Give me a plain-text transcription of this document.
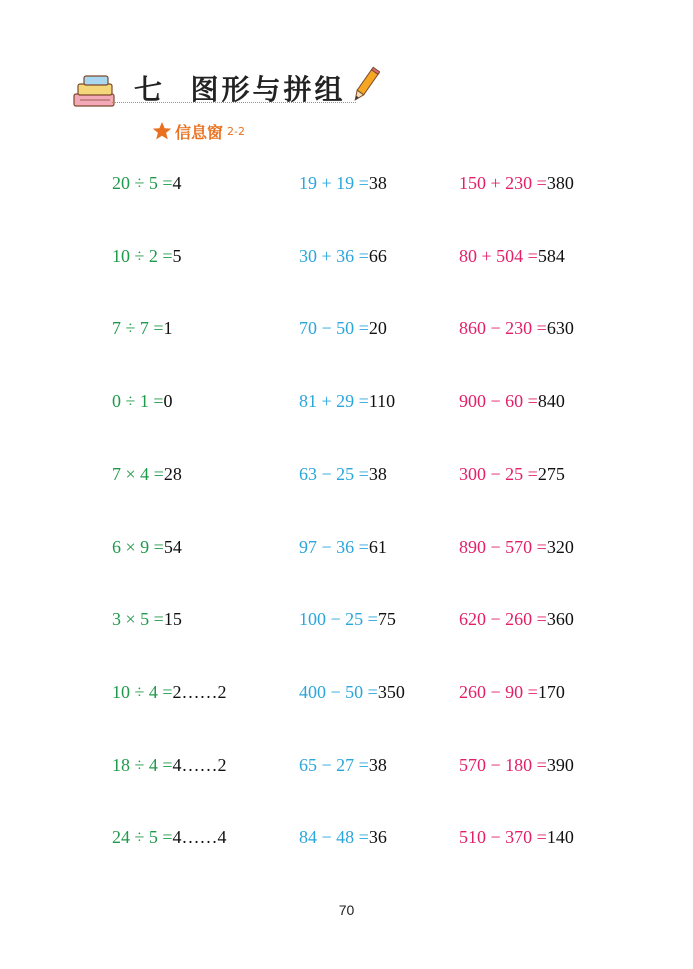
七  图形与拼组
信息窗 2-2
20 ÷ 5 =4
10 ÷ 2 =5
7 ÷ 7 =1
0 ÷ 1 =0
7 × 4 =28
6 × 9 =54
3 × 5 =15
10 ÷ 4 =2……2
18 ÷ 4 =4……2
24 ÷ 5 =4……4
19 + 19 =38
30 + 36 =66
70 − 50 =20
81 + 29 =110
63 − 25 =38
97 − 36 =61
100 − 25 =75
400 − 50 =350
65 − 27 =38
84 − 48 =36
150 + 230 =380
80 + 504 =584
860 − 230 =630
900 − 60 =840
300 − 25 =275
890 − 570 =320
620 − 260 =360
260 − 90 =170
570 − 180 =390
510 − 370 =140
70
